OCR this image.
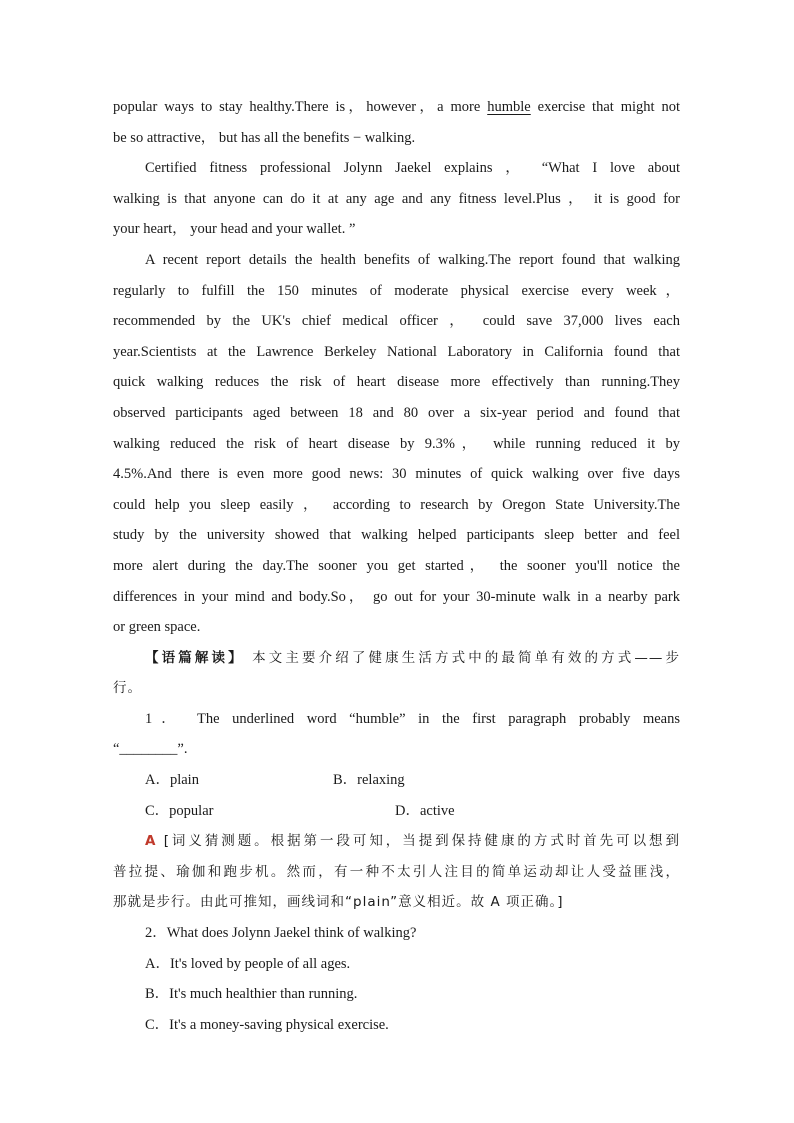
popular ways to stay healthy.There is，however，a more humble exercise that might not
be so attractive， but has all the benefits − walking.
Certified fitness professional Jolynn Jaekel explains ， “What I love about
walking is that anyone can do it at any age and any fitness level.Plus ， it is good for
your heart， your head and your wallet. ”
A recent report details the health benefits of walking.The report found that walking
regularly to fulfill the 150 minutes of moderate physical exercise every week，
recommended by the UK's chief medical officer ， could save 37,000 lives each
year.Scientists at the Lawrence Berkeley National Laboratory in California found that
quick walking reduces the risk of heart disease more effectively than running.They
observed participants aged between 18 and 80 over a six-year period and found that
walking reduced the risk of heart disease by 9.3%， while running reduced it by
4.5%.And there is even more good news: 30 minutes of quick walking over five days
could help you sleep easily ， according to research by Oregon State University.The
study by the university showed that walking helped participants sleep better and feel
more alert during the day.The sooner you get started， the sooner you'll notice the
differences in your mind and body.So， go out for your 30-minute walk in a nearby park
or green space.
【语篇解读】 本文主要介绍了健康生活方式中的最简单有效的方式——步
行。
1． The underlined word “humble” in the first paragraph probably means
“________”.
A．plain	B．relaxing
C．popular	D．active
A [词义猜测题。根据第一段可知，当提到保持健康的方式时首先可以想到
普拉提、瑜伽和跑步机。然而，有一种不太引人注目的简单运动却让人受益匪浅，
那就是步行。由此可推知，画线词和“plain”意义相近。故 A 项正确。]
2．What does Jolynn Jaekel think of walking?
A．It's loved by people of all ages.
B．It's much healthier than running.
C．It's a money-saving physical exercise.
